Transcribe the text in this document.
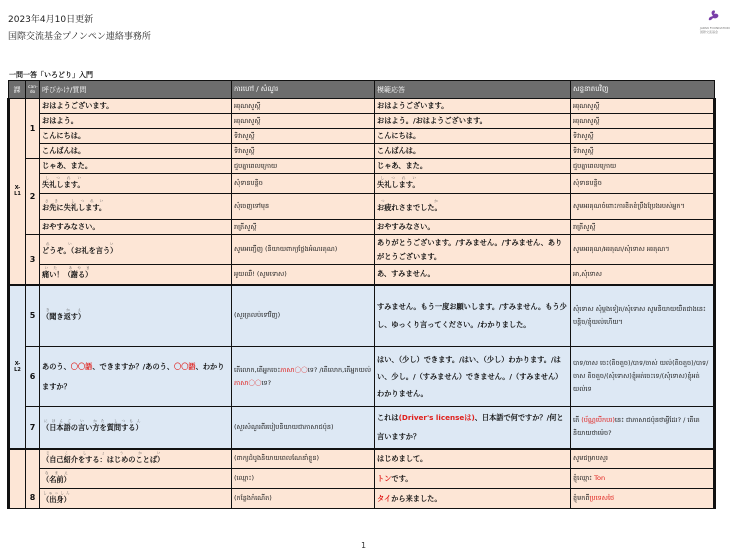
2023年4月10日更新
国際交流基金プノンペン連絡事務所
JAPAN FOUNDATION
国際交流基金
一問一答「いろどり」入門
課	can-do	呼びかけ/質問	ការហៅ / សំណួរ	模範応答	សន្ទនាតបវិញ
X-L1	1	おはようございます。	អរុណសួស្តី	おはようございます。	អរុណសួស្តី
		おはよう。	អរុណសួស្តី	おはよう。/おはようございます。	អរុណសួស្តី
		こんにちは。	ទិវាសួស្តី	こんにちは。	ទិវាសួស្តី
		こんばんは。	ទិវាសួស្តី	こんばんは。	ទិវាសួស្តី
	2	じゃあ、また。	ជួបគ្នាពេលក្រោយ	じゃあ、また。	ជួបគ្នាពេលក្រោយ
		失礼します。しつれい	សុំទានបន្តិច	失礼します。しつれい	សុំទានបន្តិច
		お先に失礼します。さき しつれい	សុំចេញទៅមុន	お疲れさまでした。つか	សូមអរគុណចំពោះការខិតខំប្រឹងប្រែងរបស់អ្នក។
		おやすみなさい。	រាត្រីសួស្តី	おやすみなさい。	រាត្រីសួស្តី
	3	どうぞ。（お礼を言う）れい い	សូមអញ្ជើញ (និយាយពាក្យថ្លែងអំណរគុណ)	ありがとうございます。/すみません。/すみません、ありがとうございます。	សូមអរគុណ/អរគុណ/សុំទោស អរគុណ។
		痛い！（謝る）いた あやま	អូយឈឺ! (សូមទោស)	あ、すみません。	អា,សុំទោស
X-L2	5	（聞き返す）き かえ	(សួរត្រលប់ទៅវិញ)	すみません。もう一度お願いします。/すみません。もう少し、ゆっくり言ってください。/わかりました。	សុំទោស សុំម្តងទៀត/សុំទោស សូមនិយាយយឺតជាងនេះបន្តិច/ខ្ញុំយល់ហើយ។
	6	あのう、〇〇語、できますか？/あのう、〇〇語、わかりますか？	តើលោក,តើអ្នកចេះភាសា〇〇ទេ? /តើលោក,តើអ្នកយល់ភាសា〇〇ទេ?	はい、（少し）できます。/はい、（少し）わかります。/はい、少し。/（すみません）できません。/（すみません）わかりません。	បាទ/ចាស ចេះ(តិចតួច)/បាទ/ចាស់ យល់(តិចតួច)/បាទ/ចាស តិចតួច/(សុំទោស)ខ្ញុំអត់ចេះទេ/(សុំទោស)ខ្ញុំអត់យល់ទេ
	7	（日本語の言い方を質問する）にほんご い かた しつもん	(សួរសំណួរពីរបៀបនិយាយជាភាសាជប៉ុន)	これは(Driver's licenseは)、日本語で何ですか？/何と言いますか？	តើ (ប័ណ្ណបើកបរ)នេះ ជាភាសាជប៉ុនថាអ្វីដែរ? / តើគេនិយាយថាម៉េច?
	8	（自己紹介をする：はじめのことば）じこしょうかい	(ពាក្យដំបូងនិយាយពេលណែនាំខ្លួន)	はじめまして。	សូមជម្រាបសួរ
		（名前）なまえ	(ឈ្មោះ)	トンです。	ខ្ញុំឈ្មោះ Ton
		（出身）しゅっしん	(កន្លែងកំណើត)	タイから来ました。	ខ្ញុំមកពីប្រទេសថៃ
1
